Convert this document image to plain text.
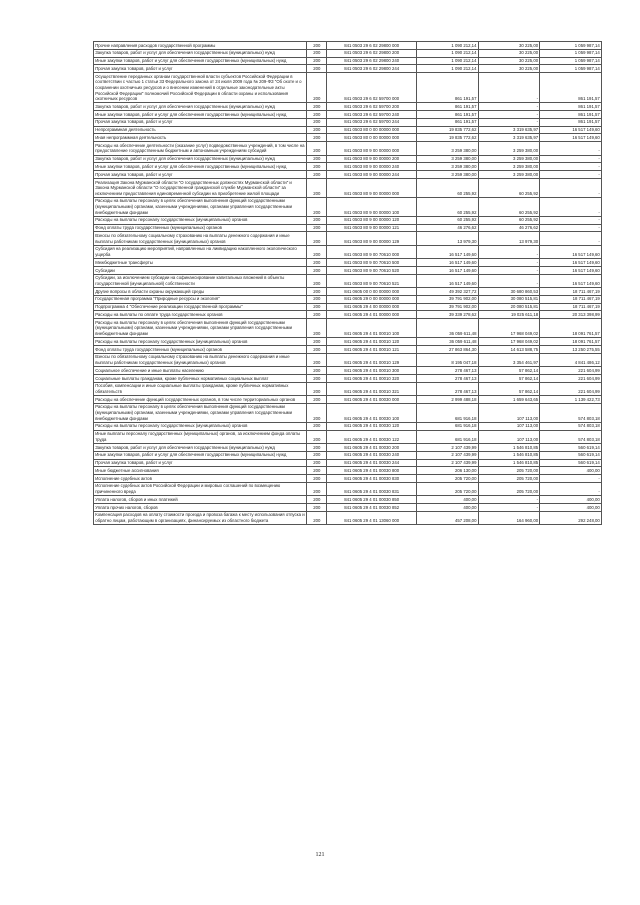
Прочие направления расходов государственной программы	200	841 0503 29 6 02 29800 000	1 090 212,14	30 225,00	1 059 987,14
Закупка товаров, работ и услуг для обеспечения государственных (муниципальных) нужд	200	841 0503 29 6 02 29800 200	1 090 212,14	30 225,00	1 059 987,14
Иные закупки товаров, работ и услуг для обеспечения государственных (муниципальных) нужд	200	841 0503 29 6 02 29800 240	1 090 212,14	30 225,00	1 059 987,14
Прочая закупка товаров, работ и услуг	200	841 0503 29 6 02 29800 244	1 090 212,14	30 225,00	1 059 987,14
Осуществление переданных органам государственной власти субъектов Российской Федерации в соответствии с частью 1 статьи 33 Федерального закона от 24 июля 2009 года № 209-ФЗ "Об охоте и о сохранении охотничьих ресурсов и о внесении изменений в отдельные законодательные акты Российской Федерации" полномочий Российской Федерации в области охраны и использования охотничьих ресурсов	200	841 0503 29 6 02 59700 000	861 191,57	-	861 191,57
Закупка товаров, работ и услуг для обеспечения государственных (муниципальных) нужд	200	841 0503 29 6 02 59700 200	861 191,57	-	861 191,57
Иные закупки товаров, работ и услуг для обеспечения государственных (муниципальных) нужд	200	841 0503 29 6 02 59700 240	861 191,57	-	861 191,57
Прочая закупка товаров, работ и услуг	200	841 0503 29 6 02 59700 244	861 191,57	-	861 191,57
Непрограммная деятельность	200	841 0503 80 0 00 00000 000	19 835 772,62	3 319 635,97	16 517 149,60
Иная непрограммная деятельность	200	841 0503 80 0 00 00000 000	19 835 772,62	3 319 635,97	16 517 149,60
Расходы на обеспечение деятельности (оказание услуг) подведомственных учреждений, в том числе на предоставление государственным бюджетным и автономным учреждениям субсидий	200	841 0503 80 9 00 00000 000	3 259 380,00	3 259 380,00	-
Закупка товаров, работ и услуг для обеспечения государственных (муниципальных) нужд	200	841 0503 80 9 00 00000 200	3 259 380,00	3 259 380,00	-
Иные закупки товаров, работ и услуг для обеспечения государственных (муниципальных) нужд	200	841 0503 80 9 00 00000 240	3 259 380,00	3 259 380,00	-
Прочая закупка товаров, работ и услуг	200	841 0503 80 9 00 00000 244	3 259 380,00	3 259 380,00	-
Реализация Закона Мурманской области "О государственных должностях Мурманской области" и Закона Мурманской области "О государственной гражданской службе Мурманской области" за исключением предоставления единовременной субсидии на приобретение жилой площади	200	841 0503 80 9 00 00000 000	60 255,92	60 255,92	-
Расходы на выплаты персоналу в целях обеспечения выполнения функций государственными (муниципальными) органами, казенными учреждениями, органами управления государственными внебюджетными фондами	200	841 0503 80 9 00 00000 100	60 255,92	60 255,92	-
Расходы на выплаты персоналу государственных (муниципальных) органов	200	841 0503 80 9 00 00000 120	60 255,92	60 255,92	-
Фонд оплаты труда государственных (муниципальных) органов	200	841 0503 80 9 00 00000 121	46 276,62	46 276,62	-
Взносы по обязательному социальному страхованию на выплаты денежного содержания и иные выплаты работникам государственных (муниципальных) органов	200	841 0503 80 9 00 00000 129	13 979,30	13 979,30	-
Субсидия на реализацию мероприятий, направленных на ликвидацию накопленного экологического ущерба	200	841 0503 80 9 00 70610 000	16 517 149,60	-	16 517 149,60
Межбюджетные трансферты	200	841 0503 80 9 00 70610 500	16 517 149,60	-	16 517 149,60
Субсидии	200	841 0503 80 9 00 70610 520	16 517 149,60	-	16 517 149,60
Субсидии, за исключением субсидии на софинансирование капитальных вложений в объекты государственной (муниципальной) собственности	200	841 0503 80 9 00 70610 521	16 517 149,60	-	16 517 149,60
Другие вопросы в области охраны окружающей среды	200	841 0605 00 0 00 00000 000	49 392 327,72	30 680 860,53	18 711 467,19
Государственная программа "Природные ресурсы и экология"	200	841 0605 29 0 00 00000 000	39 791 902,00	30 080 515,81	18 711 467,19
Подпрограмма 4 "Обеспечение реализации государственной программы"	200	841 0605 29 4 00 00000 000	39 791 902,00	20 080 515,81	18 711 467,19
Расходы на выплаты по оплате труда государственных органов	200	841 0605 29 4 01 00000 000	39 339 278,62	19 025 611,18	20 313 398,99
Расходы на выплаты персоналу в целях обеспечения выполнения функций государственными (муниципальными) органами, казенными учреждениями, органами управления государственными внебюджетными фондами	200	841 0605 29 4 01 00010 100	36 059 611,48	17 968 049,02	18 091 761,57
Расходы на выплаты персоналу государственных (муниципальных) органов	200	841 0605 29 4 01 00010 120	36 059 611,48	17 968 049,02	18 091 761,57
Фонд оплаты труда государственных (муниципальных) органов	200	841 0605 29 4 01 00010 121	27 863 864,30	14 613 588,75	13 250 275,55
Взносы по обязательному социальному страхованию на выплаты денежного содержания и иные выплаты работникам государственных (муниципальных) органов	200	841 0605 29 4 01 00010 129	8 195 047,18	3 354 461,97	4 841 486,12
Социальное обеспечение и иные выплаты населению	200	841 0605 29 4 01 00010 300	278 467,13	57 862,14	221 604,99
Социальные выплаты гражданам, кроме публичных нормативных социальных выплат	200	841 0605 29 4 01 00010 320	278 467,13	57 862,14	221 604,99
Пособия, компенсации и иные социальные выплаты гражданам, кроме публичных нормативных обязательств	200	841 0605 29 4 01 00010 321	278 467,13	57 862,14	221 604,99
Расходы на обеспечение функций государственных органов, в том числе территориальных органов	200	841 0605 29 4 01 00030 000	2 999 488,18	1 659 643,65	1 139 422,73
Расходы на выплаты персоналу в целях обеспечения выполнения функций государственными (муниципальными) органами, казенными учреждениями, органами управления государственными внебюджетными фондами	200	841 0605 29 4 01 00030 100	681 916,18	107 113,00	574 803,18
Расходы на выплаты персоналу государственных (муниципальных) органов	200	841 0605 29 4 01 00030 120	681 916,18	107 113,00	574 803,18
Иные выплаты персоналу государственных (муниципальных) органов, за исключением фонда оплаты труда	200	841 0605 29 4 01 00030 122	681 916,18	107 113,00	574 803,18
Закупка товаров, работ и услуг для обеспечения государственных (муниципальных) нужд	200	841 0605 29 4 01 00030 200	2 107 439,99	1 546 810,85	560 619,14
Иные закупки товаров, работ и услуг для обеспечения государственных (муниципальных) нужд	200	841 0605 29 4 01 00030 240	2 107 439,99	1 546 810,85	560 619,14
Прочая закупка товаров, работ и услуг	200	841 0605 29 4 01 00030 244	2 107 439,99	1 546 810,85	560 619,14
Иные бюджетные ассигнования	200	841 0605 29 4 01 00030 800	206 130,00	205 720,00	400,00
Исполнение судебных актов	200	841 0605 29 4 01 00030 830	205 720,00	205 720,00	-
Исполнение судебных актов Российской Федерации и мировых соглашений по возмещению причиненного вреда	200	841 0605 29 4 01 00030 831	205 720,00	205 720,00	-
Уплата налогов, сборов и иных платежей	200	841 0605 29 4 01 00030 850	400,00	-	400,00
Уплата прочих налогов, сборов	200	841 0605 29 4 01 00030 852	400,00	-	400,00
Компенсация расходов на оплату стоимости проезда и провоза багажа к месту использования отпуска и обратно лицам, работающим в организациях, финансируемых из областного бюджета	200	841 0605 29 4 01 13060 000	457 208,00	164 960,00	292 248,00
121
